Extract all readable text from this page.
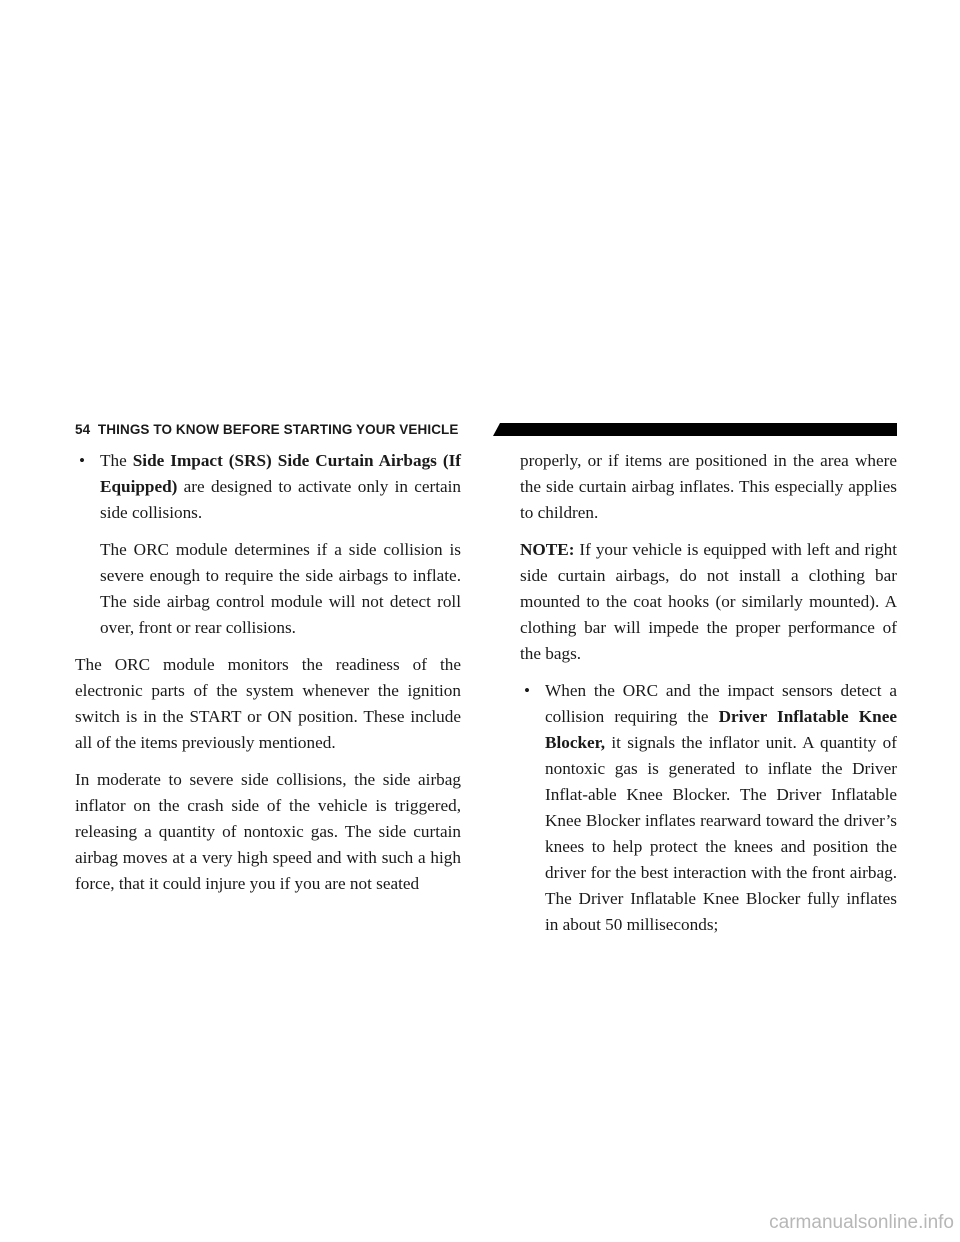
54 THINGS TO KNOW BEFORE STARTING YOUR VEHICLE

• The Side Impact (SRS) Side Curtain Airbags (If Equipped) are designed to activate only in certain side collisions.

The ORC module determines if a side collision is severe enough to require the side airbags to inflate. The side airbag control module will not detect roll over, front or rear collisions.

The ORC module monitors the readiness of the electronic parts of the system whenever the ignition switch is in the START or ON position. These include all of the items previously mentioned.

In moderate to severe side collisions, the side airbag inflator on the crash side of the vehicle is triggered, releasing a quantity of nontoxic gas. The side curtain airbag moves at a very high speed and with such a high force, that it could injure you if you are not seated

properly, or if items are positioned in the area where the side curtain airbag inflates. This especially applies to children.

NOTE: If your vehicle is equipped with left and right side curtain airbags, do not install a clothing bar mounted to the coat hooks (or similarly mounted). A clothing bar will impede the proper performance of the bags.

• When the ORC and the impact sensors detect a collision requiring the Driver Inflatable Knee Blocker, it signals the inflator unit. A quantity of nontoxic gas is generated to inflate the Driver Inflat-able Knee Blocker. The Driver Inflatable Knee Blocker inflates rearward toward the driver’s knees to help protect the knees and position the driver for the best interaction with the front airbag. The Driver Inflatable Knee Blocker fully inflates in about 50 milliseconds;

carmanualsonline.info
